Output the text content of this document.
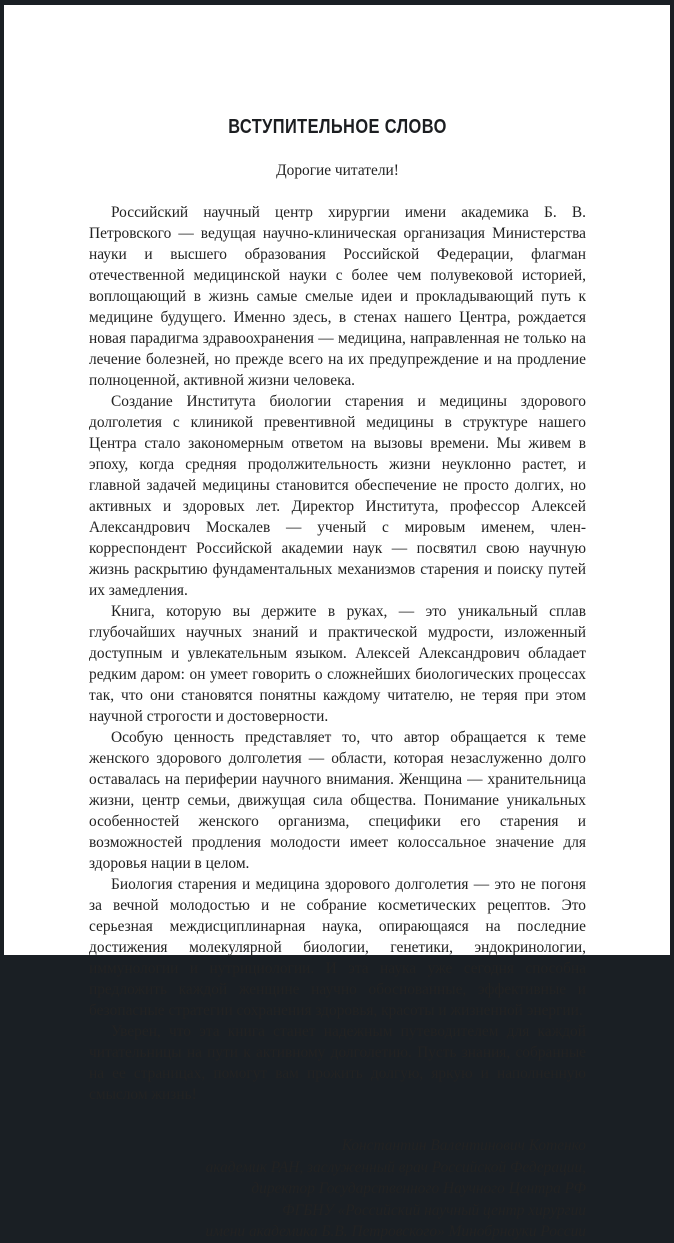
ВСТУПИТЕЛЬНОЕ СЛОВО

Дорогие читатели!

Российский научный центр хирургии имени академика Б. В. Петровского — ведущая научно-клиническая организация Министерства науки и высшего образования Российской Федерации, флагман отечественной медицинской науки с более чем полувековой историей, воплощающий в жизнь самые смелые идеи и прокладывающий путь к медицине будущего. Именно здесь, в стенах нашего Центра, рождается новая парадигма здравоохранения — медицина, направленная не только на лечение болезней, но прежде всего на их предупреждение и на продление полноценной, активной жизни человека.

Создание Института биологии старения и медицины здорового долголетия с клиникой превентивной медицины в структуре нашего Центра стало закономерным ответом на вызовы времени. Мы живем в эпоху, когда средняя продолжительность жизни неуклонно растет, и главной задачей медицины становится обеспечение не просто долгих, но активных и здоровых лет. Директор Института, профессор Алексей Александрович Москалев — ученый с мировым именем, член-корреспондент Российской академии наук — посвятил свою научную жизнь раскрытию фундаментальных механизмов старения и поиску путей их замедления.

Книга, которую вы держите в руках, — это уникальный сплав глубочайших научных знаний и практической мудрости, изложенный доступным и увлекательным языком. Алексей Александрович обладает редким даром: он умеет говорить о сложнейших биологических процессах так, что они становятся понятны каждому читателю, не теряя при этом научной строгости и достоверности.

Особую ценность представляет то, что автор обращается к теме женского здорового долголетия — области, которая незаслуженно долго оставалась на периферии научного внимания. Женщина — хранительница жизни, центр семьи, движущая сила общества. Понимание уникальных особенностей женского организма, специфики его старения и возможностей продления молодости имеет колоссальное значение для здоровья нации в целом.

Биология старения и медицина здорового долголетия — это не погоня за вечной молодостью и не собрание косметических рецептов. Это серьезная междисциплинарная наука, опирающаяся на последние достижения молекулярной биологии, генетики, эндокринологии, иммунологии и нутрициологии. И эта наука уже сегодня способна предложить каждой женщине научно обоснованные, эффективные и безопасные стратегии сохранения здоровья, красоты и жизненной энергии.

Уверен, что эта книга станет надежным путеводителем для каждой читательницы на пути к активному долголетию. Пусть знания, собранные на ее страницах, помогут вам прожить долгую, яркую и наполненную смыслом жизнь!

Константин Валентинович Котенко
академик РАН, заслуженный врач Российской Федерации,
директор Государственного Научного Центра РФ
ФГБНУ «Российский научный центр хирургии
имени академика Б.В. Петровского» Минобрнауки России
